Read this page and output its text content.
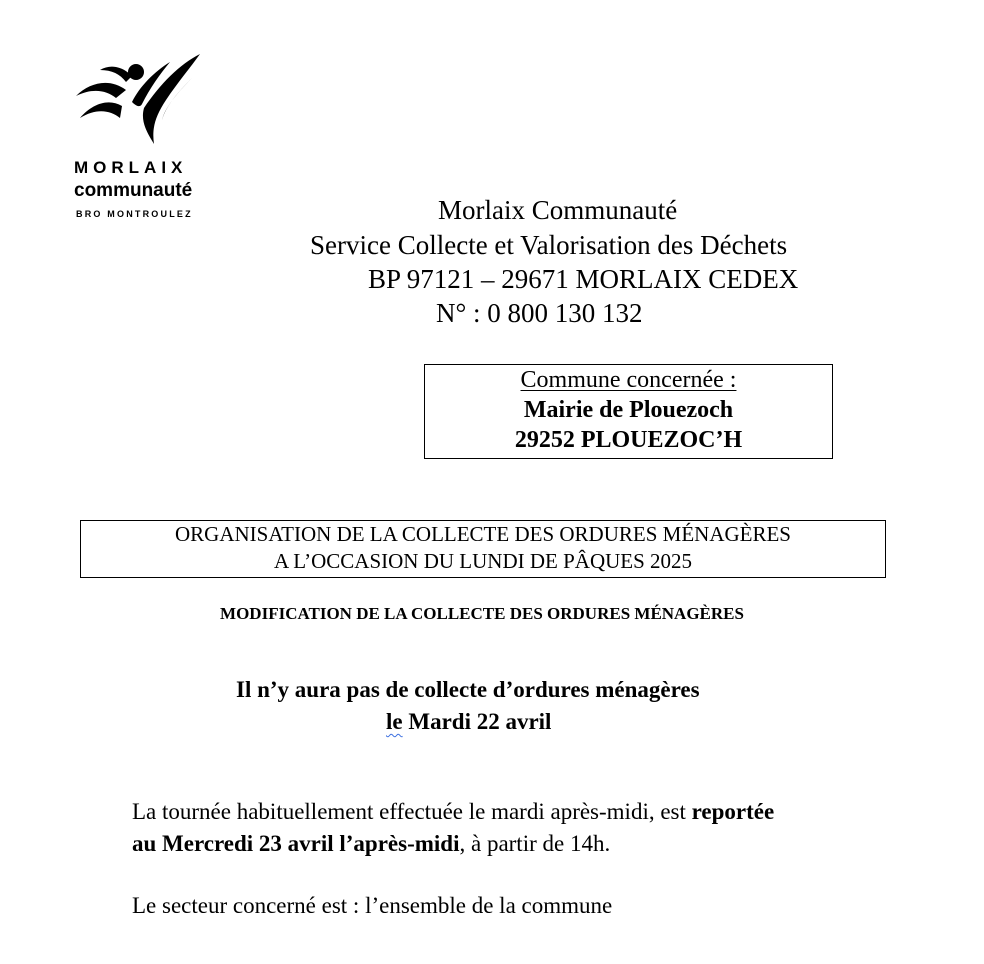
MORLAIX
communauté
BRO MONTROULEZ	Morlaix Communauté
Service Collecte et Valorisation des Déchets
BP 97121 – 29671 MORLAIX CEDEX
N° : 0 800 130 132
Commune concernée :
Mairie de Plouezoch
29252 PLOUEZOC’H
ORGANISATION DE LA COLLECTE DES ORDURES MÉNAGÈRES
A L’OCCASION DU LUNDI DE PÂQUES 2025
MODIFICATION DE LA COLLECTE DES ORDURES MÉNAGÈRES
Il n’y aura pas de collecte d’ordures ménagères
le Mardi 22 avril
La tournée habituellement effectuée le mardi après-midi, est reportée
au Mercredi 23 avril l’après-midi, à partir de 14h.
Le secteur concerné est : l’ensemble de la commune
